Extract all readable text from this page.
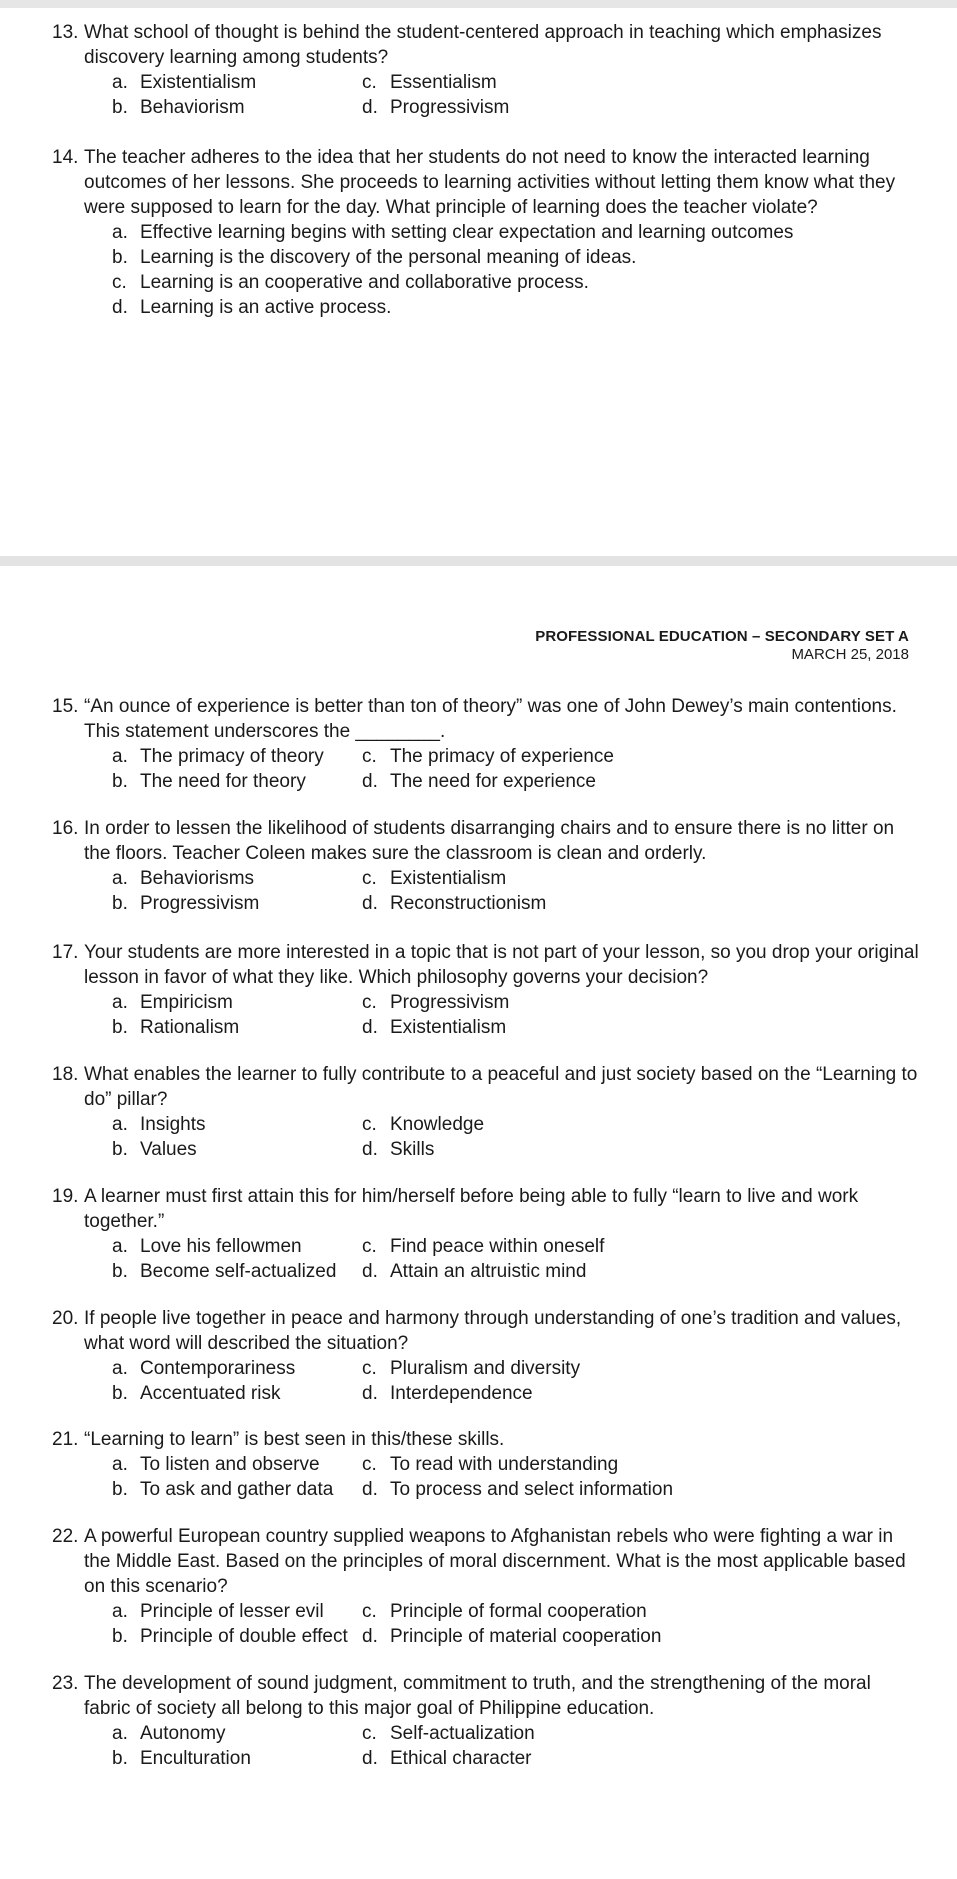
13. What school of thought is behind the student-centered approach in teaching which emphasizes discovery learning among students?
a. Existentialism	c. Essentialism
b. Behaviorism	d. Progressivism
14. The teacher adheres to the idea that her students do not need to know the interacted learning outcomes of her lessons. She proceeds to learning activities without letting them know what they were supposed to learn for the day. What principle of learning does the teacher violate?
a. Effective learning begins with setting clear expectation and learning outcomes
b. Learning is the discovery of the personal meaning of ideas.
c. Learning is an cooperative and collaborative process.
d. Learning is an active process.
PROFESSIONAL EDUCATION – SECONDARY SET A
MARCH 25, 2018
15. “An ounce of experience is better than ton of theory” was one of John Dewey’s main contentions. This statement underscores the ________.
a. The primacy of theory c. The primacy of experience
b. The need for theory	d. The need for experience
16. In order to lessen the likelihood of students disarranging chairs and to ensure there is no litter on the floors. Teacher Coleen makes sure the classroom is clean and orderly.
a. Behaviorisms	c. Existentialism
b. Progressivism	d. Reconstructionism
17. Your students are more interested in a topic that is not part of your lesson, so you drop your original lesson in favor of what they like. Which philosophy governs your decision?
a. Empiricism	c. Progressivism
b. Rationalism	d. Existentialism
18. What enables the learner to fully contribute to a peaceful and just society based on the “Learning to do” pillar?
a. Insights	c. Knowledge
b. Values	d. Skills
19. A learner must first attain this for him/herself before being able to fully “learn to live and work together.”
a. Love his fellowmen	c. Find peace within oneself
b. Become self-actualized d. Attain an altruistic mind
20. If people live together in peace and harmony through understanding of one’s tradition and values, what word will described the situation?
a. Contemporariness	c. Pluralism and diversity
b. Accentuated risk	d. Interdependence
21. “Learning to learn” is best seen in this/these skills.
a. To listen and observe c. To read with understanding
b. To ask and gather data d. To process and select information
22. A powerful European country supplied weapons to Afghanistan rebels who were fighting a war in the Middle East. Based on the principles of moral discernment. What is the most applicable based on this scenario?
a. Principle of lesser evil c. Principle of formal cooperation
b. Principle of double effect d. Principle of material cooperation
23. The development of sound judgment, commitment to truth, and the strengthening of the moral fabric of society all belong to this major goal of Philippine education.
a. Autonomy	c. Self-actualization
b. Enculturation	d. Ethical character
